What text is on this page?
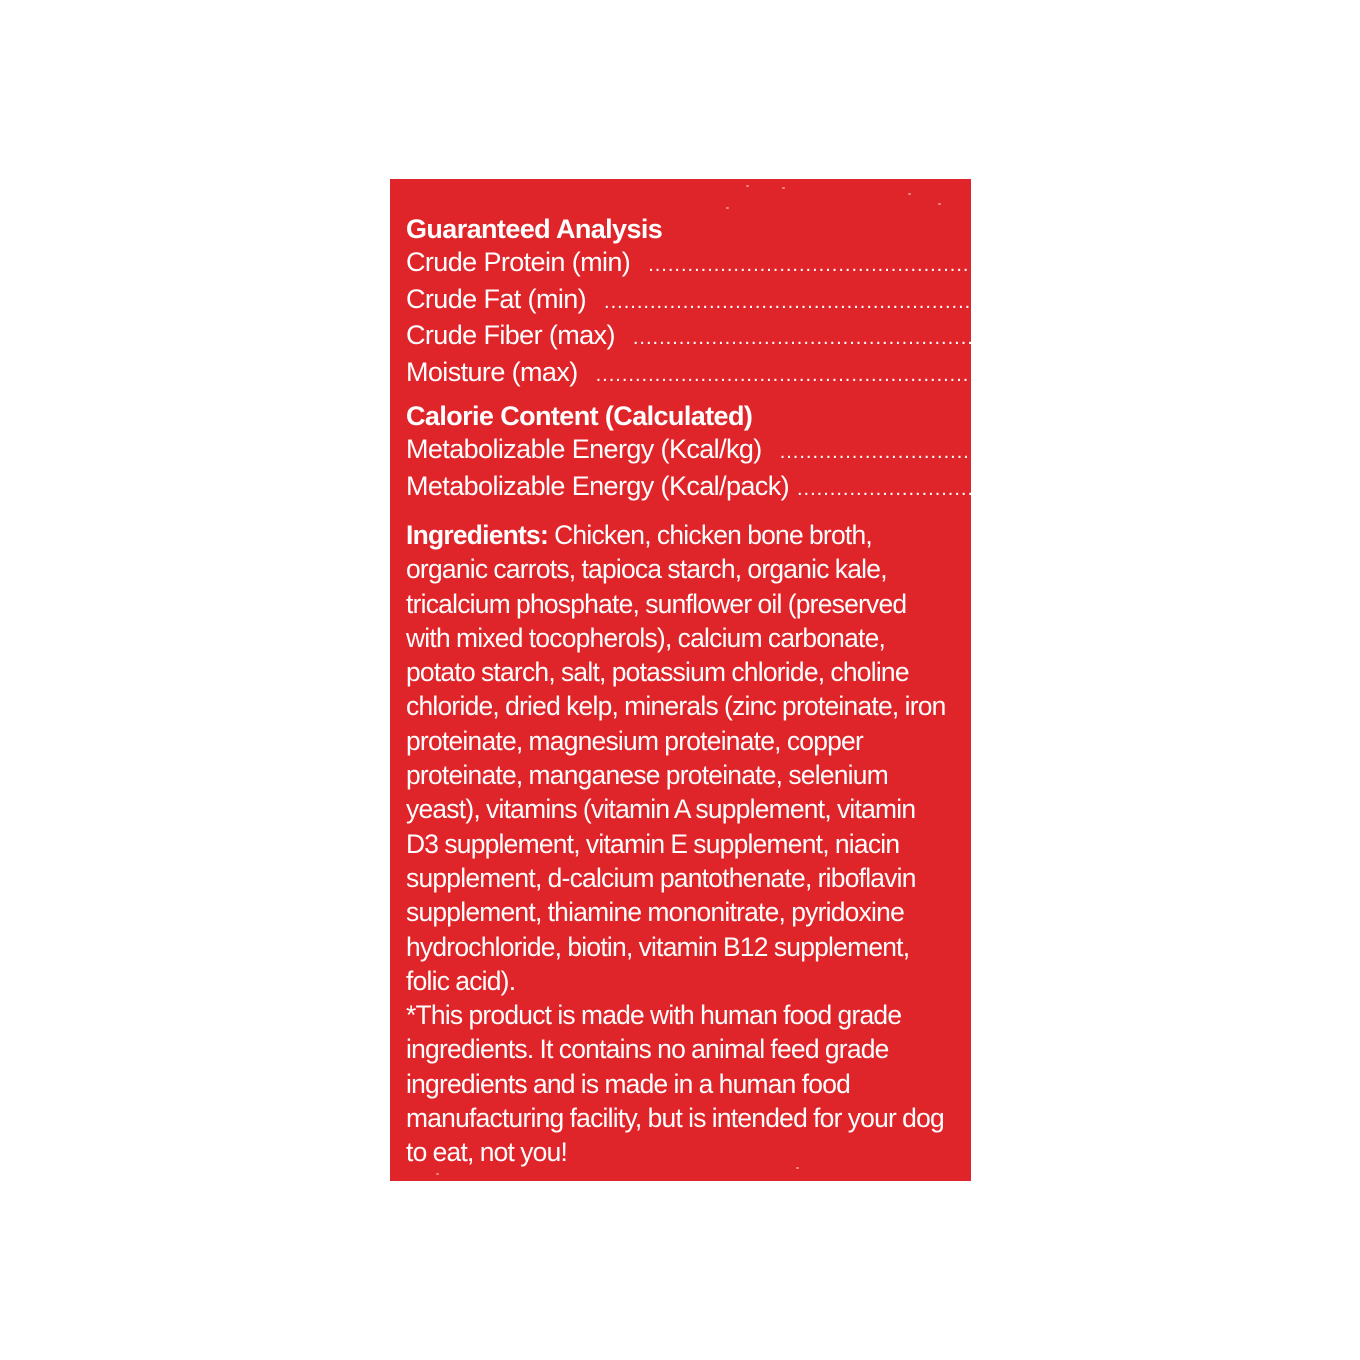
Guaranteed Analysis
Crude Protein (min) ........................................................................ 9.00%
Crude Fat (min) ........................................................................ 2.00%
Crude Fiber (max) ........................................................................ 1.50%
Moisture (max) ........................................................................ 82.0%
Calorie Content (Calculated)
Metabolizable Energy (Kcal/kg) ........................................................................ 783
Metabolizable Energy (Kcal/pack) ........................................................................ 243

Ingredients: Chicken, chicken bone broth, organic carrots, tapioca starch, organic kale, tricalcium phosphate, sunflower oil (preserved with mixed tocopherols), calcium carbonate, potato starch, salt, potassium chloride, choline chloride, dried kelp, minerals (zinc proteinate, iron proteinate, magnesium proteinate, copper proteinate, manganese proteinate, selenium yeast), vitamins (vitamin A supplement, vitamin D3 supplement, vitamin E supplement, niacin supplement, d-calcium pantothenate, riboflavin supplement, thiamine mononitrate, pyridoxine hydrochloride, biotin, vitamin B12 supplement, folic acid).

*This product is made with human food grade ingredients. It contains no animal feed grade ingredients and is made in a human food manufacturing facility, but is intended for your dog to eat, not you!
